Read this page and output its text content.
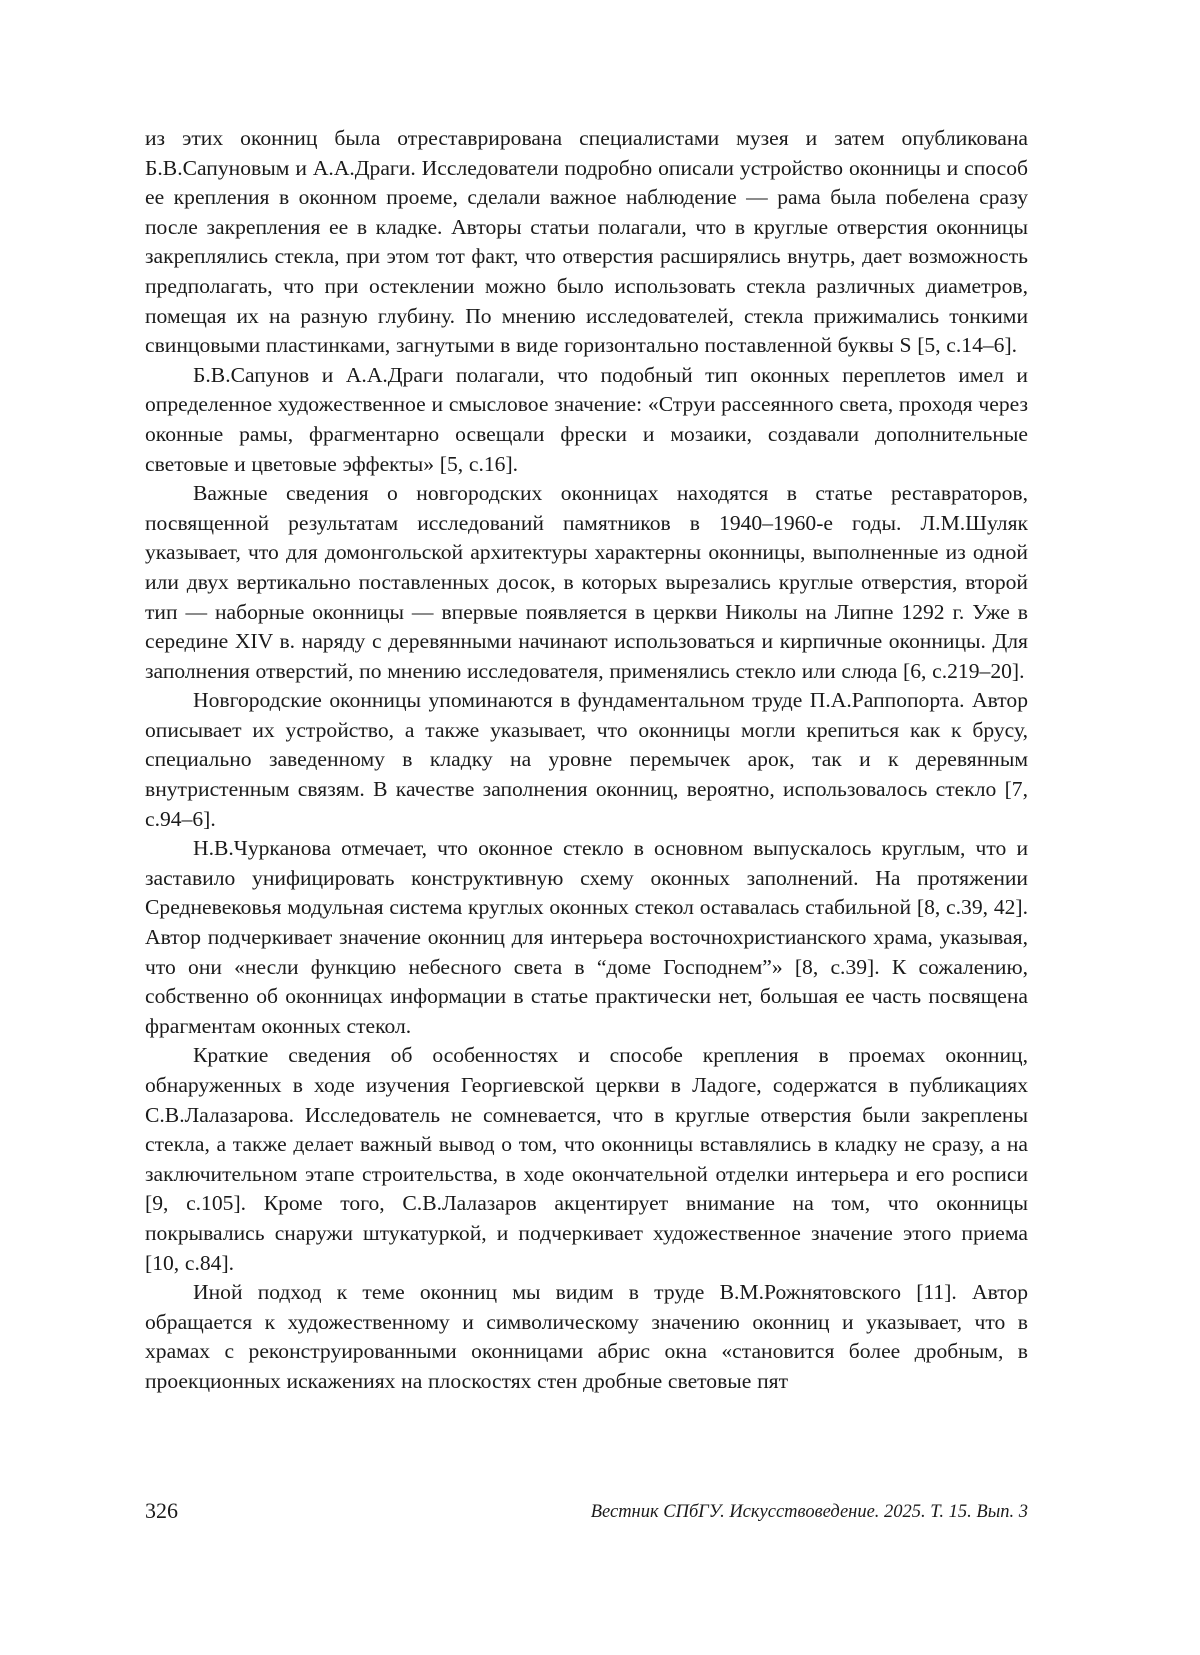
из этих оконниц была отреставрирована специалистами музея и затем опубликована Б.В.Сапуновым и А.А.Драги. Исследователи подробно описали устройство оконницы и способ ее крепления в оконном проеме, сделали важное наблюдение — рама была побелена сразу после закрепления ее в кладке. Авторы статьи полагали, что в круглые отверстия оконницы закреплялись стекла, при этом тот факт, что отверстия расширялись внутрь, дает возможность предполагать, что при остеклении можно было использовать стекла различных диаметров, помещая их на разную глубину. По мнению исследователей, стекла прижимались тонкими свинцовыми пластинками, загнутыми в виде горизонтально поставленной буквы S [5, с.14–6].

Б.В.Сапунов и А.А.Драги полагали, что подобный тип оконных переплетов имел и определенное художественное и смысловое значение: «Струи рассеянного света, проходя через оконные рамы, фрагментарно освещали фрески и мозаики, создавали дополнительные световые и цветовые эффекты» [5, с.16].

Важные сведения о новгородских оконницах находятся в статье реставраторов, посвященной результатам исследований памятников в 1940–1960-е годы. Л.М.Шуляк указывает, что для домонгольской архитектуры характерны оконницы, выполненные из одной или двух вертикально поставленных досок, в которых вырезались круглые отверстия, второй тип — наборные оконницы — впервые появляется в церкви Николы на Липне 1292 г. Уже в середине XIV в. наряду с деревянными начинают использоваться и кирпичные оконницы. Для заполнения отверстий, по мнению исследователя, применялись стекло или слюда [6, с.219–20].

Новгородские оконницы упоминаются в фундаментальном труде П.А.Раппопорта. Автор описывает их устройство, а также указывает, что оконницы могли крепиться как к брусу, специально заведенному в кладку на уровне перемычек арок, так и к деревянным внутристенным связям. В качестве заполнения оконниц, вероятно, использовалось стекло [7, с.94–6].

Н.В.Чурканова отмечает, что оконное стекло в основном выпускалось круглым, что и заставило унифицировать конструктивную схему оконных заполнений. На протяжении Средневековья модульная система круглых оконных стекол оставалась стабильной [8, с.39, 42]. Автор подчеркивает значение оконниц для интерьера восточнохристианского храма, указывая, что они «несли функцию небесного света в “доме Господнем”» [8, с.39]. К сожалению, собственно об оконницах информации в статье практически нет, большая ее часть посвящена фрагментам оконных стекол.

Краткие сведения об особенностях и способе крепления в проемах оконниц, обнаруженных в ходе изучения Георгиевской церкви в Ладоге, содержатся в публикациях С.В.Лалазарова. Исследователь не сомневается, что в круглые отверстия были закреплены стекла, а также делает важный вывод о том, что оконницы вставлялись в кладку не сразу, а на заключительном этапе строительства, в ходе окончательной отделки интерьера и его росписи [9, с.105]. Кроме того, С.В.Лалазаров акцентирует внимание на том, что оконницы покрывались снаружи штукатуркой, и подчеркивает художественное значение этого приема [10, с.84].

Иной подход к теме оконниц мы видим в труде В.М.Рожнятовского [11]. Автор обращается к художественному и символическому значению оконниц и указывает, что в храмах с реконструированными оконницами абрис окна «становится более дробным, в проекционных искажениях на плоскостях стен дробные световые пят

326	Вестник СПбГУ. Искусствоведение. 2025. Т. 15. Вып. 3
